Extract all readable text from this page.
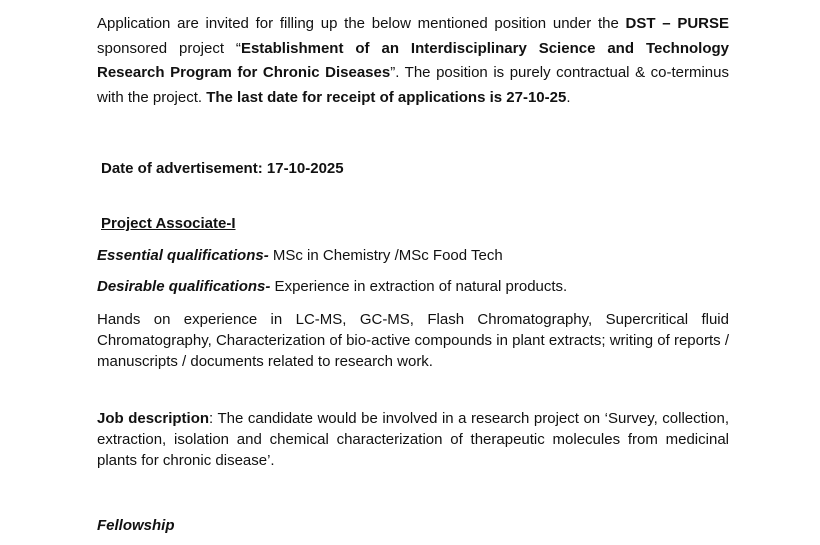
Application are invited for filling up the below mentioned position under the DST – PURSE sponsored project “Establishment of an Interdisciplinary Science and Technology Research Program for Chronic Diseases”. The position is purely contractual & co-terminus with the project. The last date for receipt of applications is 27-10-25.

Date of advertisement: 17-10-2025
Project Associate-I
Essential qualifications- MSc in Chemistry /MSc Food Tech
Desirable qualifications- Experience in extraction of natural products.

Hands on experience in LC-MS, GC-MS, Flash Chromatography, Supercritical fluid Chromatography, Characterization of bio-active compounds in plant extracts; writing of reports / manuscripts / documents related to research work.

Job description: The candidate would be involved in a research project on ‘Survey, collection, extraction, isolation and chemical characterization of therapeutic molecules from medicinal plants for chronic disease’.

Fellowship
